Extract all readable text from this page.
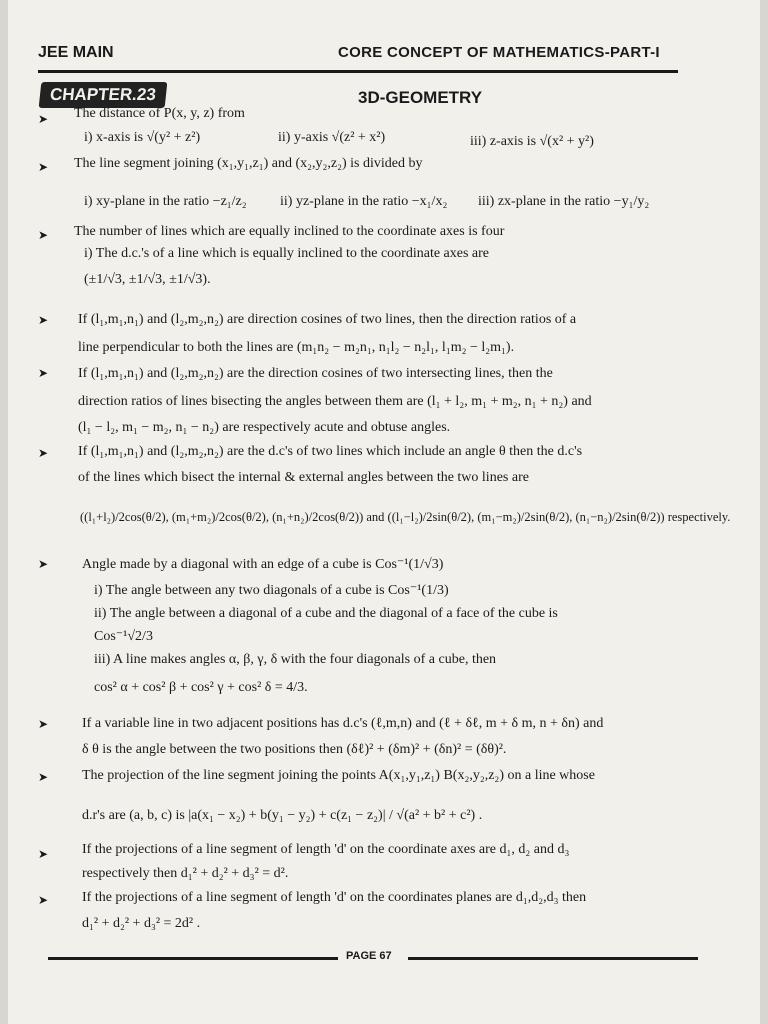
JEE MAIN	CORE CONCEPT OF MATHEMATICS-PART-I
CHAPTER.23	3D-GEOMETRY
➤
➤
➤
➤
➤
➤
➤
➤
➤
➤
➤
The distance of P(x, y, z) from
i) x-axis is √(y² + z²)	ii) y-axis √(z² + x²)	iii) z-axis is √(x² + y²)
The line segment joining (x₁,y₁,z₁) and (x₂,y₂,z₂) is divided by
i) xy-plane in the ratio −z₁/z₂ ii) yz-plane in the ratio −x₁/x₂ iii) zx-plane in the ratio −y₁/y₂
The number of lines which are equally inclined to the coordinate axes is four
i) The d.c.'s of a line which is equally inclined to the coordinate axes are
(±1/√3, ±1/√3, ±1/√3).
If (l₁,m₁,n₁) and (l₂,m₂,n₂) are direction cosines of two lines, then the direction ratios of a
line perpendicular to both the lines are (m₁n₂ − m₂n₁, n₁l₂ − n₂l₁, l₁m₂ − l₂m₁).
If (l₁,m₁,n₁) and (l₂,m₂,n₂) are the direction cosines of two intersecting lines, then the
direction ratios of lines bisecting the angles between them are (l₁ + l₂, m₁ + m₂, n₁ + n₂) and
(l₁ − l₂, m₁ − m₂, n₁ − n₂) are respectively acute and obtuse angles.
If (l₁,m₁,n₁) and (l₂,m₂,n₂) are the d.c's of two lines which include an angle θ then the d.c's
of the lines which bisect the internal & external angles between the two lines are
((l₁+l₂)/2cos(θ/2), (m₁+m₂)/2cos(θ/2), (n₁+n₂)/2cos(θ/2)) and ((l₁−l₂)/2sin(θ/2), (m₁−m₂)/2sin(θ/2), (n₁−n₂)/2sin(θ/2)) respectively.
Angle made by a diagonal with an edge of a cube is Cos⁻¹(1/√3)
i) The angle between any two diagonals of a cube is Cos⁻¹(1/3)
ii) The angle between a diagonal of a cube and the diagonal of a face of the cube is
Cos⁻¹√2/3
iii) A line makes angles α, β, γ, δ with the four diagonals of a cube, then
cos² α + cos² β + cos² γ + cos² δ = 4/3.
If a variable line in two adjacent positions has d.c's (ℓ,m,n) and (ℓ + δℓ, m + δ m, n + δn) and
δ θ is the angle between the two positions then (δℓ)² + (δm)² + (δn)² = (δθ)².
The projection of the line segment joining the points A(x₁,y₁,z₁) B(x₂,y₂,z₂) on a line whose
d.r's are (a, b, c) is |a(x₁ − x₂) + b(y₁ − y₂) + c(z₁ − z₂)| / √(a² + b² + c²) .
If the projections of a line segment of length 'd' on the coordinate axes are d₁, d₂ and d₃
respectively then d₁² + d₂² + d₃² = d².
If the projections of a line segment of length 'd' on the coordinates planes are d₁,d₂,d₃ then
d₁² + d₂² + d₃² = 2d² .
PAGE 67
